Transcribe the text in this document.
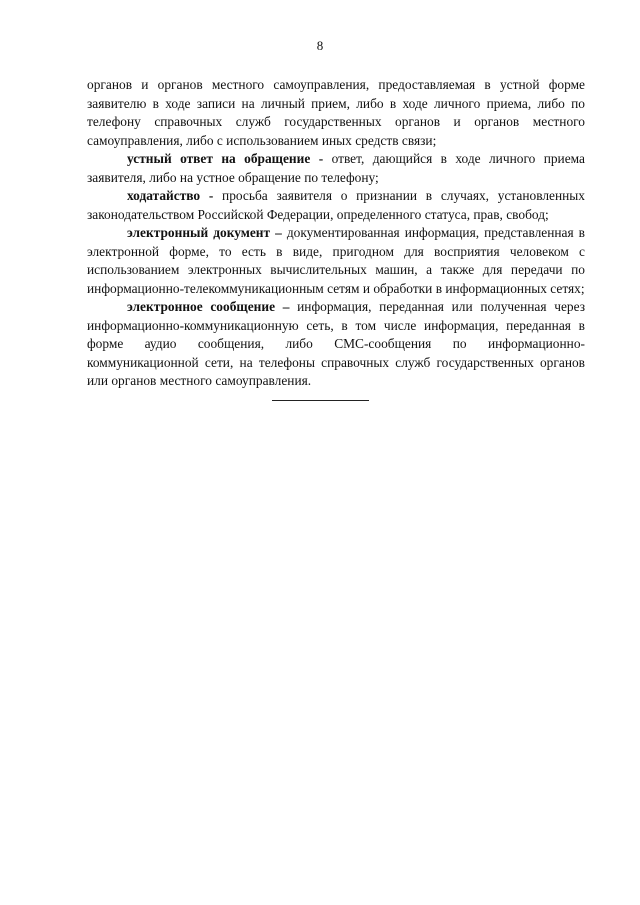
8

органов и органов местного самоуправления, предоставляемая в устной форме заявителю в ходе записи на личный прием, либо в ходе личного приема, либо по телефону справочных служб государственных органов и органов местного самоуправления, либо с использованием иных средств связи;

устный ответ на обращение - ответ, дающийся в ходе личного приема заявителя, либо на устное обращение по телефону;

ходатайство - просьба заявителя о признании в случаях, установленных законодательством Российской Федерации, определенного статуса, прав, свобод;

электронный документ – документированная информация, представленная в электронной форме, то есть в виде, пригодном для восприятия человеком с использованием электронных вычислительных машин, а также для передачи по информационно-телекоммуникационным сетям и обработки в информационных сетях;

электронное сообщение – информация, переданная или полученная через информационно-коммуникационную сеть, в том числе информация, переданная в форме аудио сообщения, либо СМС-сообщения по информационно-коммуникационной сети, на телефоны справочных служб государственных органов или органов местного самоуправления.
